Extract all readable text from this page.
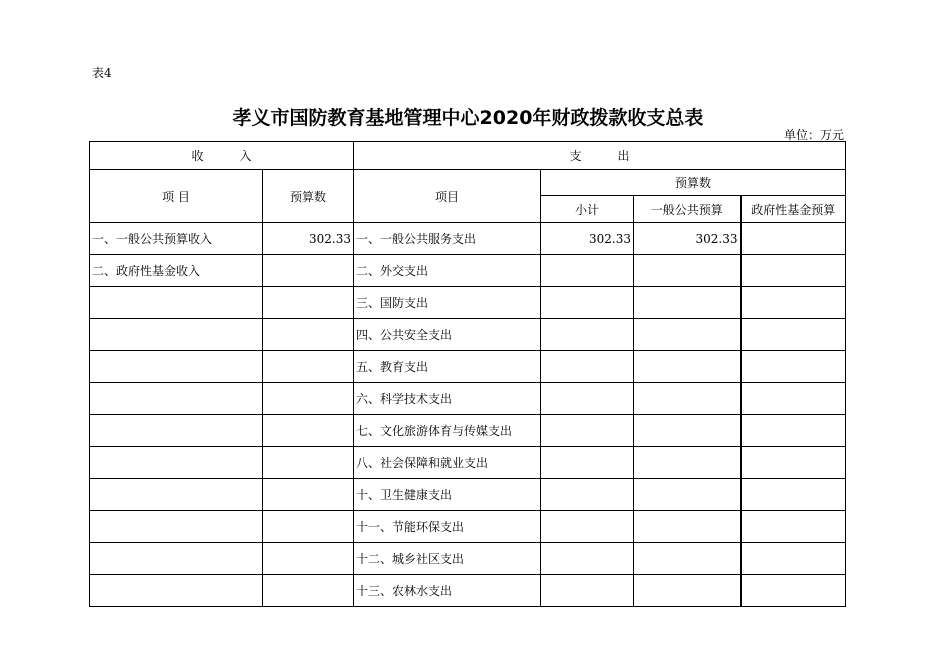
表4
孝义市国防教育基地管理中心2020年财政拨款收支总表
单位：万元
收　　　入		支　　　出			
项 目	预算数	项目	预算数		
			小计	一般公共预算	政府性基金预算
一、一般公共预算收入	302.33	一、一般公共服务支出	302.33	302.33	
二、政府性基金收入		二、外交支出			
		三、国防支出			
		四、公共安全支出			
		五、教育支出			
		六、科学技术支出			
		七、文化旅游体育与传媒支出			
		八、社会保障和就业支出			
		十、卫生健康支出			
		十一、节能环保支出			
		十二、城乡社区支出			
		十三、农林水支出			
